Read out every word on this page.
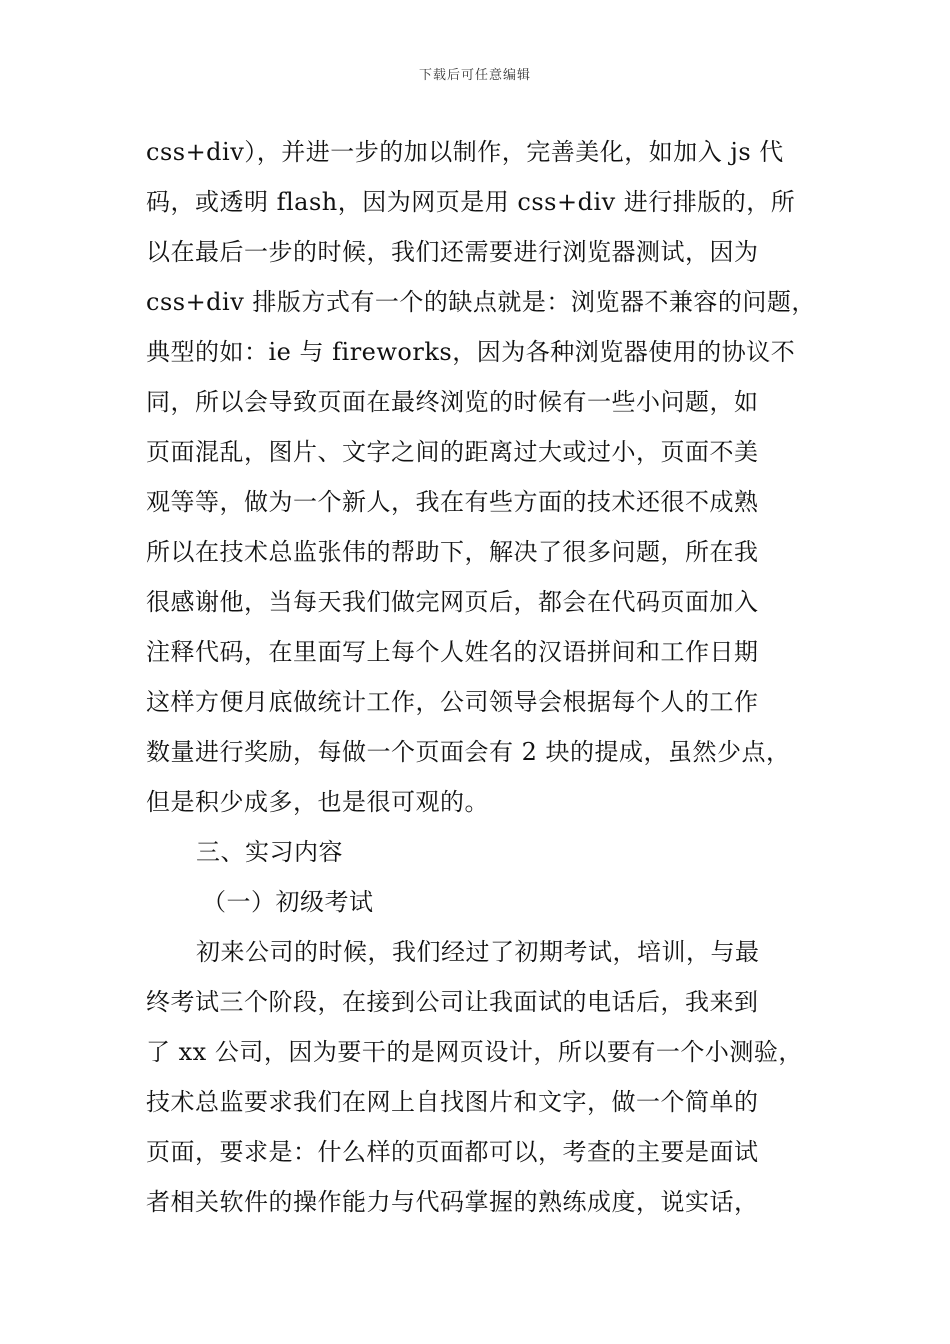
下载后可任意编辑
css+div），并进一步的加以制作，完善美化，如加入 js 代
码，或透明 flash，因为网页是用 css+div 进行排版的，所
以在最后一步的时候，我们还需要进行浏览器测试，因为
css+div 排版方式有一个的缺点就是：浏览器不兼容的问题，
典型的如：ie 与 fireworks，因为各种浏览器使用的协议不
同，所以会导致页面在最终浏览的时候有一些小问题，如
页面混乱，图片、文字之间的距离过大或过小，页面不美
观等等，做为一个新人，我在有些方面的技术还很不成熟
所以在技术总监张伟的帮助下，解决了很多问题，所在我
很感谢他，当每天我们做完网页后，都会在代码页面加入
注释代码，在里面写上每个人姓名的汉语拼间和工作日期
这样方便月底做统计工作，公司领导会根据每个人的工作
数量进行奖励，每做一个页面会有 2 块的提成，虽然少点，
但是积少成多，也是很可观的。
三、实习内容
（一）初级考试
初来公司的时候，我们经过了初期考试，培训，与最
终考试三个阶段，在接到公司让我面试的电话后，我来到
了 xx 公司，因为要干的是网页设计，所以要有一个小测验，
技术总监要求我们在网上自找图片和文字，做一个简单的
页面，要求是：什么样的页面都可以，考查的主要是面试
者相关软件的操作能力与代码掌握的熟练成度，说实话，
